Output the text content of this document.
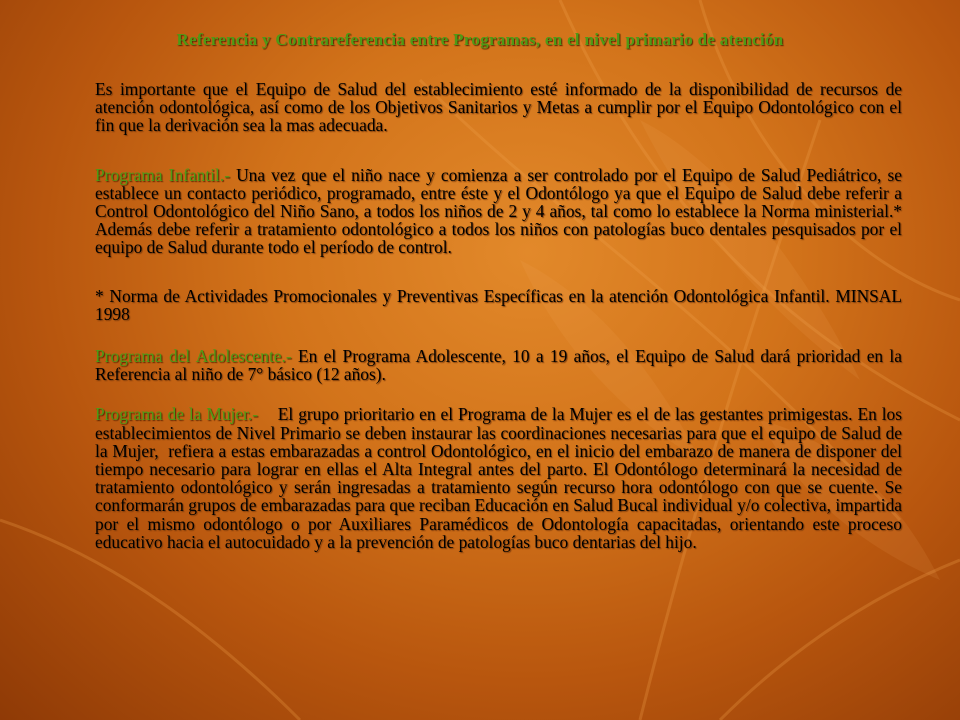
Referencia y Contrareferencia entre Programas, en el nivel primario de atención

Es importante que el Equipo de Salud del establecimiento esté informado de la disponibilidad de recursos de atención odontológica, así como de los Objetivos Sanitarios y Metas a cumplir por el Equipo Odontológico con el fin que la derivación sea la mas adecuada.

Programa Infantil.- Una vez que el niño nace y comienza a ser controlado por el Equipo de Salud Pediátrico, se establece un contacto periódico, programado, entre éste y el Odontólogo ya que el Equipo de Salud debe referir a Control Odontológico del Niño Sano, a todos los niños de 2 y 4 años, tal como lo establece la Norma ministerial.* Además debe referir a tratamiento odontológico a todos los niños con patologías buco dentales pesquisados por el equipo de Salud durante todo el período de control.

* Norma de Actividades Promocionales y Preventivas Específicas en la atención Odontológica Infantil. MINSAL 1998

Programa del Adolescente.- En el Programa Adolescente, 10 a 19 años, el Equipo de Salud dará prioridad en la Referencia al niño de 7° básico (12 años).

Programa de la Mujer.-    El grupo prioritario en el Programa de la Mujer es el de las gestantes primigestas. En los establecimientos de Nivel Primario se deben instaurar las coordinaciones necesarias para que el equipo de Salud de la Mujer,  refiera a estas embarazadas a control Odontológico, en el inicio del embarazo de manera de disponer del tiempo necesario para lograr en ellas el Alta Integral antes del parto. El Odontólogo determinará la necesidad de tratamiento odontológico y serán ingresadas a tratamiento según recurso hora odontólogo con que se cuente. Se conformarán grupos de embarazadas para que reciban Educación en Salud Bucal individual y/o colectiva, impartida por el mismo odontólogo o por Auxiliares Paramédicos de Odontología capacitadas, orientando este proceso educativo hacia el autocuidado y a la prevención de patologías buco dentarias del hijo.
